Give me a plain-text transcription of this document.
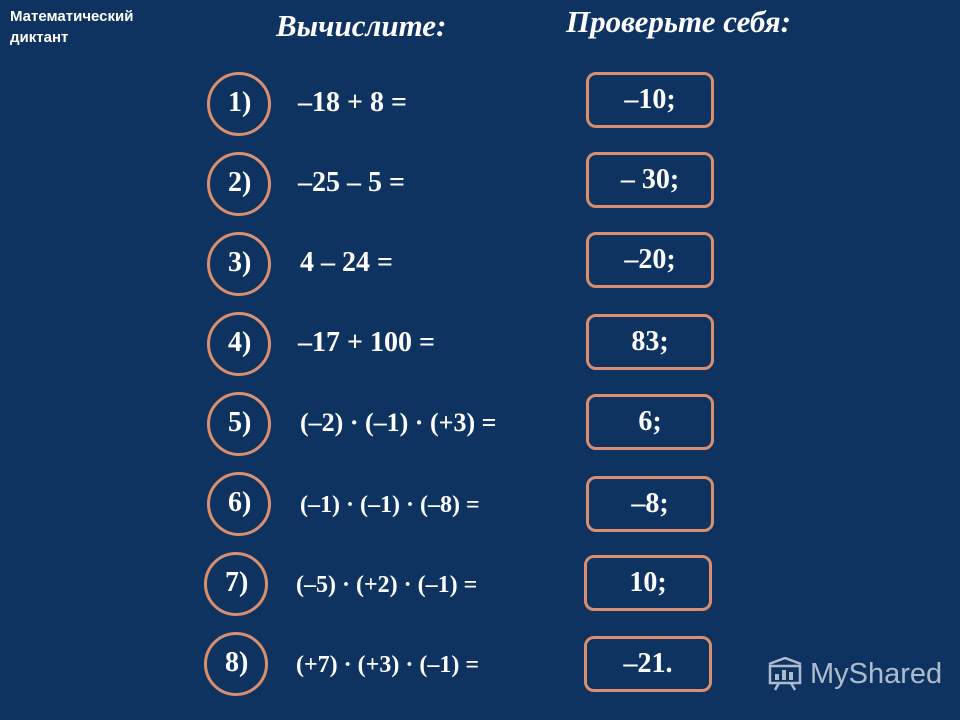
Математический
диктант	Вычислите:	Проверьте себя:
1) –18 + 8 =	–10;
2) –25 – 5 =	– 30;
3) 4 – 24 =	–20;
4) –17 + 100 =	83;
5) (–2) · (–1) · (+3) =	6;
6) (–1) · (–1) · (–8) =	–8;
7) (–5) · (+2) · (–1) =	10;
8) (+7) · (+3) · (–1) =	–21.	MyShared
